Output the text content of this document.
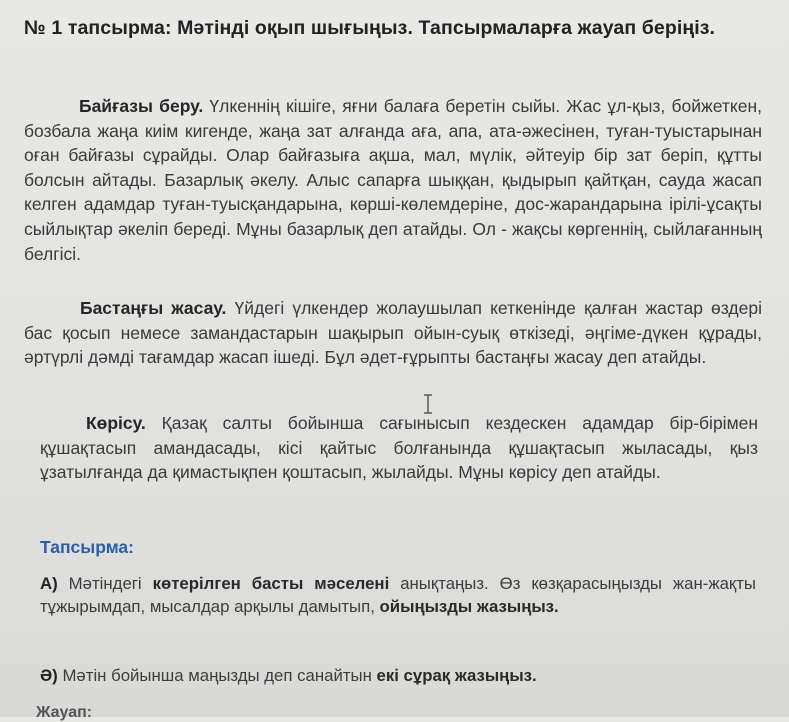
№ 1 тапсырма: Мәтінді оқып шығыңыз. Тапсырмаларға жауап беріңіз.
Байғазы беру. Үлкеннің кішіге, яғни балаға беретін сыйы. Жас ұл-қыз, бойжеткен, бозбала жаңа киім кигенде, жаңа зат алғанда аға, апа, ата-әжесінен, туған-туыстарынан оған байғазы сұрайды. Олар байғазыға ақша, мал, мүлік, әйтеуір бір зат беріп, құтты болсын айтады. Базарлық әкелу. Алыс сапарға шыққан, қыдырып қайтқан, сауда жасап келген адамдар туған-туысқандарына, көрші-көлемдеріне, дос-жарандарына ірілі-ұсақты сыйлықтар әкеліп береді. Мұны базарлық деп атайды. Ол - жақсы көргеннің, сыйлағанның белгісі.
Бастаңғы жасау. Үйдегі үлкендер жолаушылап кеткенінде қалған жастар өздері бас қосып немесе замандастарын шақырып ойын-суық өткізеді, әңгіме-дүкен құрады, әртүрлі дәмді тағамдар жасап ішеді. Бұл әдет-ғұрыпты бастаңғы жасау деп атайды.
Көрісу. Қазақ салты бойынша сағынысып кездескен адамдар бір-бірімен құшақтасып амандасады, кісі қайтыс болғанында құшақтасып жыласады, қыз ұзатылғанда да қимастықпен қоштасып, жылайды. Мұны көрісу деп атайды.
Тапсырма:
А) Мәтіндегі көтерілген басты мәселені анықтаңыз. Өз көзқарасыңызды жан-жақты тұжырымдап, мысалдар арқылы дамытып, ойыңызды жазыңыз.
Ә) Мәтін бойынша маңызды деп санайтын екі сұрақ жазыңыз.
Жауап:
